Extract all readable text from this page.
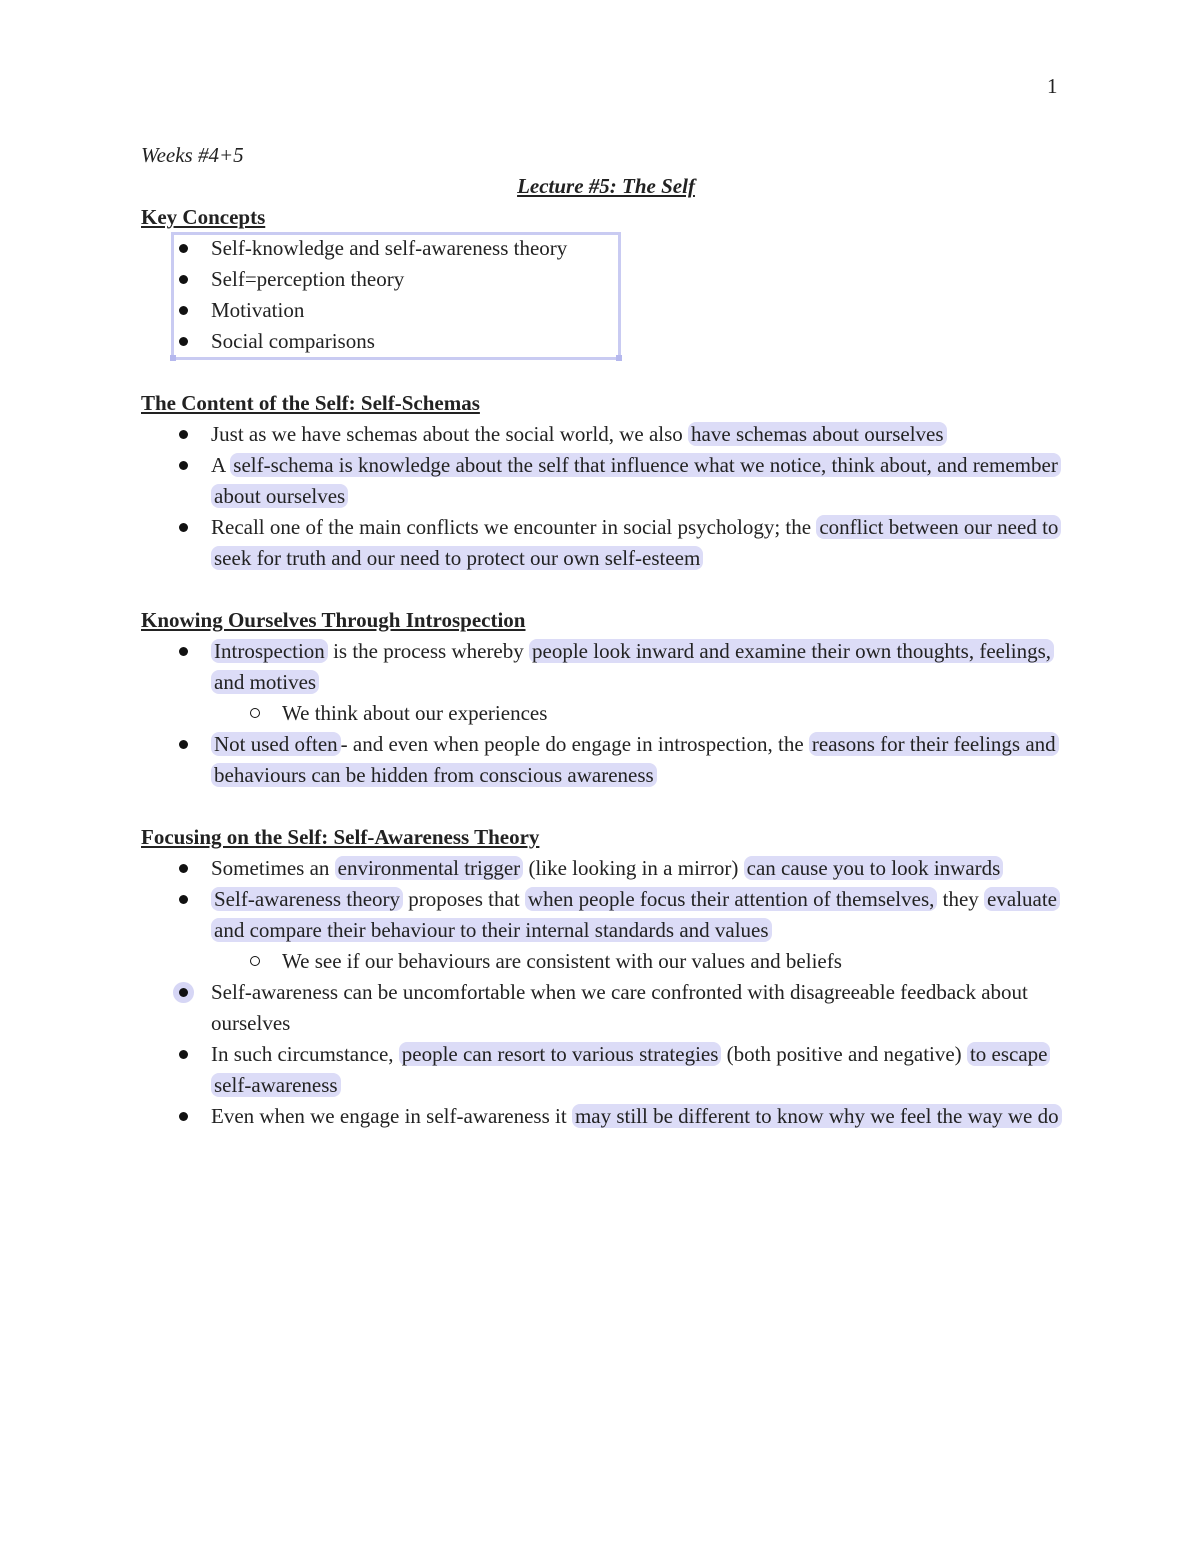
1
Weeks #4+5
Lecture #5: The Self
Key Concepts
Self-knowledge and self-awareness theory
Self=perception theory
Motivation
Social comparisons
The Content of the Self: Self-Schemas
Just as we have schemas about the social world, we also have schemas about ourselves
A self-schema is knowledge about the self that influence what we notice, think about, and remember about ourselves
Recall one of the main conflicts we encounter in social psychology; the conflict between our need to seek for truth and our need to protect our own self-esteem
Knowing Ourselves Through Introspection
Introspection is the process whereby people look inward and examine their own thoughts, feelings, and motives
We think about our experiences
Not used often - and even when people do engage in introspection, the reasons for their feelings and behaviours can be hidden from conscious awareness
Focusing on the Self: Self-Awareness Theory
Sometimes an environmental trigger (like looking in a mirror) can cause you to look inwards
Self-awareness theory proposes that when people focus their attention of themselves, they evaluate and compare their behaviour to their internal standards and values
We see if our behaviours are consistent with our values and beliefs
Self-awareness can be uncomfortable when we care confronted with disagreeable feedback about ourselves
In such circumstance, people can resort to various strategies (both positive and negative) to escape self-awareness
Even when we engage in self-awareness it may still be different to know why we feel the way we do
